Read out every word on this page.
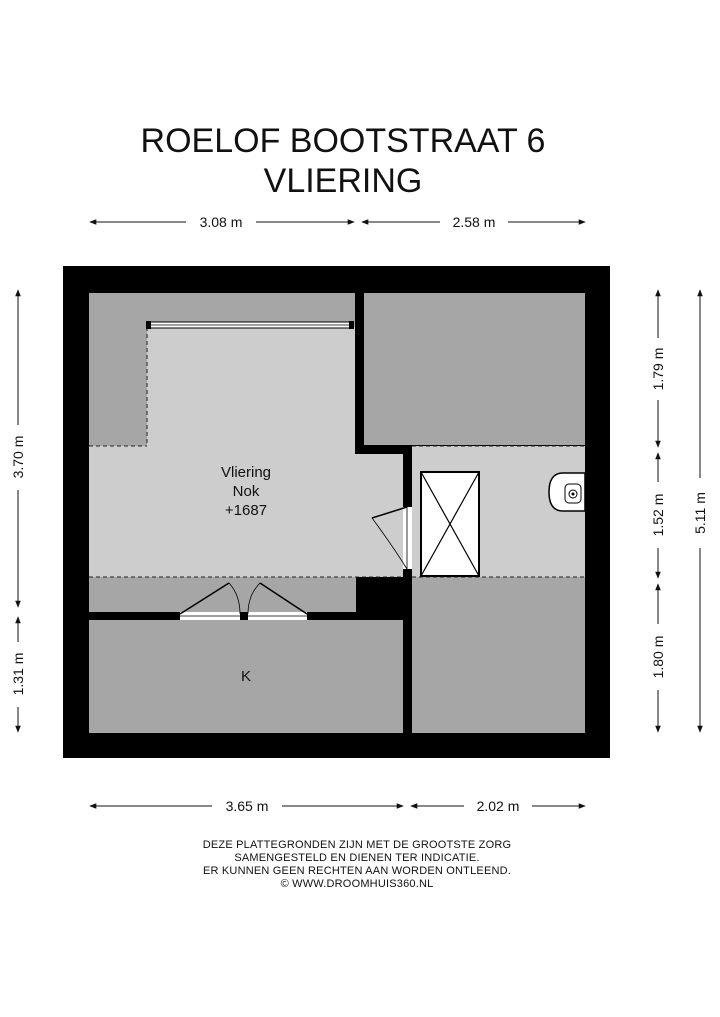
ROELOF BOOTSTRAAT 6
VLIERING
3.08 m	2.58 m
Vliering
Nok
+1687
K
3.70 m
1.31 m
1.79 m
1.52 m
1.80 m
5.11 m
3.65 m	2.02 m
DEZE PLATTEGRONDEN ZIJN MET DE GROOTSTE ZORG
SAMENGESTELD EN DIENEN TER INDICATIE.
ER KUNNEN GEEN RECHTEN AAN WORDEN ONTLEEND.
© WWW.DROOMHUIS360.NL
